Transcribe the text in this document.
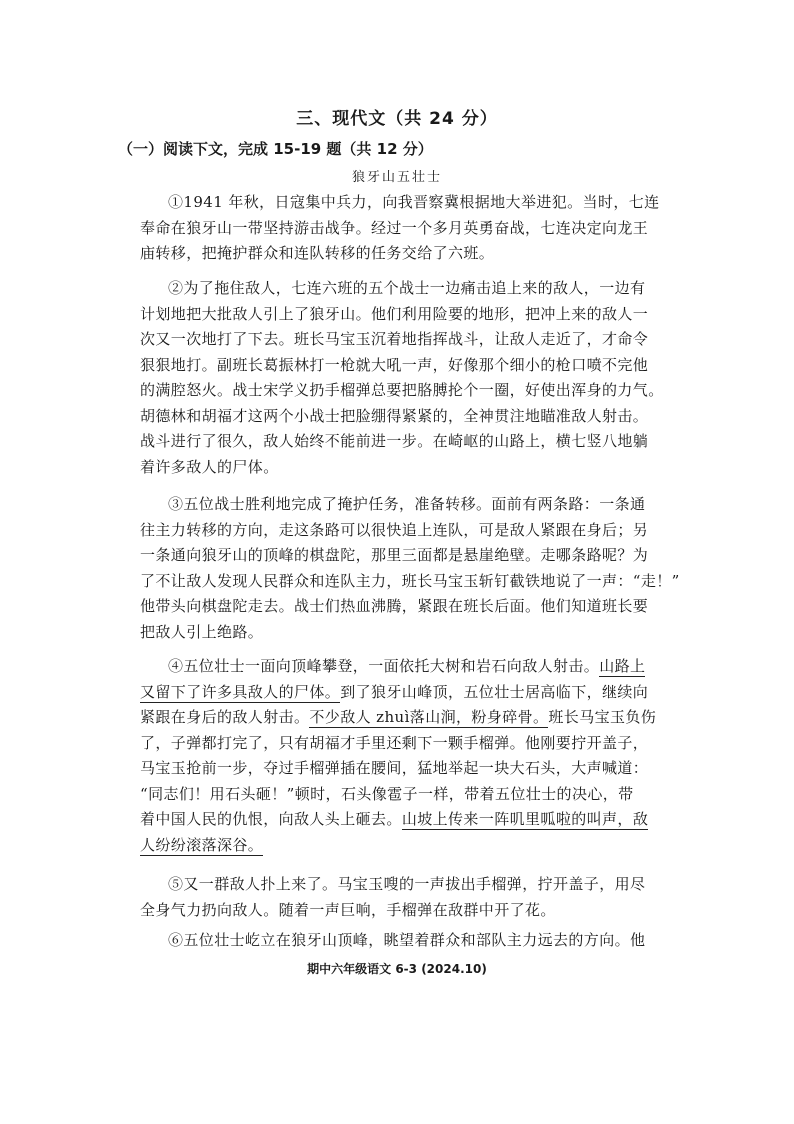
三、现代文（共 24 分）
（一）阅读下文，完成 15-19 题（共 12 分）
狼牙山五壮士
①1941 年秋，日寇集中兵力，向我晋察冀根据地大举进犯。当时，七连
奉命在狼牙山一带坚持游击战争。经过一个多月英勇奋战，七连决定向龙王
庙转移，把掩护群众和连队转移的任务交给了六班。
②为了拖住敌人，七连六班的五个战士一边痛击追上来的敌人，一边有
计划地把大批敌人引上了狼牙山。他们利用险要的地形，把冲上来的敌人一
次又一次地打了下去。班长马宝玉沉着地指挥战斗，让敌人走近了，才命令
狠狠地打。副班长葛振林打一枪就大吼一声，好像那个细小的枪口喷不完他
的满腔怒火。战士宋学义扔手榴弹总要把胳膊抡个一圈，好使出浑身的力气。
胡德林和胡福才这两个小战士把脸绷得紧紧的，全神贯注地瞄准敌人射击。
战斗进行了很久，敌人始终不能前进一步。在崎岖的山路上，横七竖八地躺
着许多敌人的尸体。
③五位战士胜利地完成了掩护任务，准备转移。面前有两条路：一条通
往主力转移的方向，走这条路可以很快追上连队，可是敌人紧跟在身后；另
一条通向狼牙山的顶峰的棋盘陀，那里三面都是悬崖绝壁。走哪条路呢？为
了不让敌人发现人民群众和连队主力，班长马宝玉斩钉截铁地说了一声：“走！”
他带头向棋盘陀走去。战士们热血沸腾，紧跟在班长后面。他们知道班长要
把敌人引上绝路。
④五位壮士一面向顶峰攀登，一面依托大树和岩石向敌人射击。山路上
又留下了许多具敌人的尸体。到了狼牙山峰顶，五位壮士居高临下，继续向
紧跟在身后的敌人射击。不少敌人 zhuì落山涧，粉身碎骨。班长马宝玉负伤
了，子弹都打完了，只有胡福才手里还剩下一颗手榴弹。他刚要拧开盖子，
马宝玉抢前一步，夺过手榴弹插在腰间，猛地举起一块大石头，大声喊道：
“同志们！用石头砸！”顿时，石头像雹子一样，带着五位壮士的决心，带
着中国人民的仇恨，向敌人头上砸去。山坡上传来一阵叽里呱啦的叫声，敌
人纷纷滚落深谷。
⑤又一群敌人扑上来了。马宝玉嗖的一声拔出手榴弹，拧开盖子，用尽
全身气力扔向敌人。随着一声巨响，手榴弹在敌群中开了花。
⑥五位壮士屹立在狼牙山顶峰，眺望着群众和部队主力远去的方向。他
期中六年级语文 6-3 (2024.10)
